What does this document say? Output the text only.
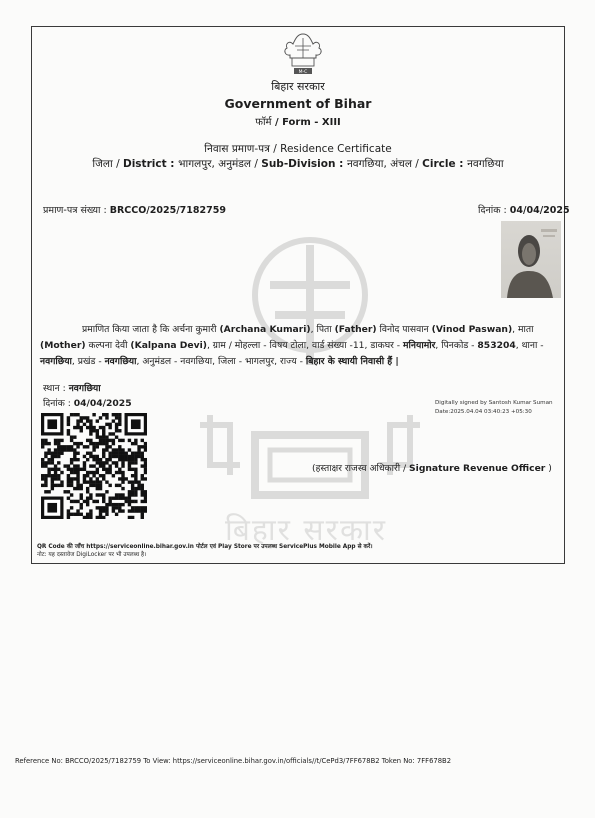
M-C
बिहार सरकार
Government of Bihar
फॉर्म / Form - XIII
निवास प्रमाण-पत्र / Residence Certificate
जिला / District : भागलपुर, अनुमंडल / Sub-Division : नवगछिया, अंचल / Circle : नवगछिया
प्रमाण-पत्र संख्या : BRCCO/2025/7182759	दिनांक : 04/04/2025
प्रमाणित किया जाता है कि अर्चना कुमारी (Archana Kumari), पिता (Father) विनोद पासवान (Vinod Paswan), माता (Mother) कल्पना देवी (Kalpana Devi), ग्राम / मोहल्ला - विषय टोला, वार्ड संख्या -11, डाकघर - मनियामोर, पिनकोड - 853204, थाना - नवगछिया, प्रखंड - नवगछिया, अनुमंडल - नवगछिया, जिला - भागलपुर, राज्य - बिहार के स्थायी निवासी हैं |
स्थान : नवगछिया
दिनांक : 04/04/2025	Digitally signed by Santosh Kumar Suman
Date:2025.04.04 03:40:23 +05:30
(हस्ताक्षर राजस्व अधिकारी / Signature Revenue Officer )
बिहार सरकार
QR Code की जाँच https://serviceonline.bihar.gov.in पोर्टल एवं Play Store पर उपलब्ध ServicePlus Mobile App से करें।
नोट: यह दस्तावेज DigiLocker पर भी उपलब्ध है।
Reference No: BRCCO/2025/7182759 To View: https://serviceonline.bihar.gov.in/officials//t/CePd3/7FF678B2 Token No: 7FF678B2
